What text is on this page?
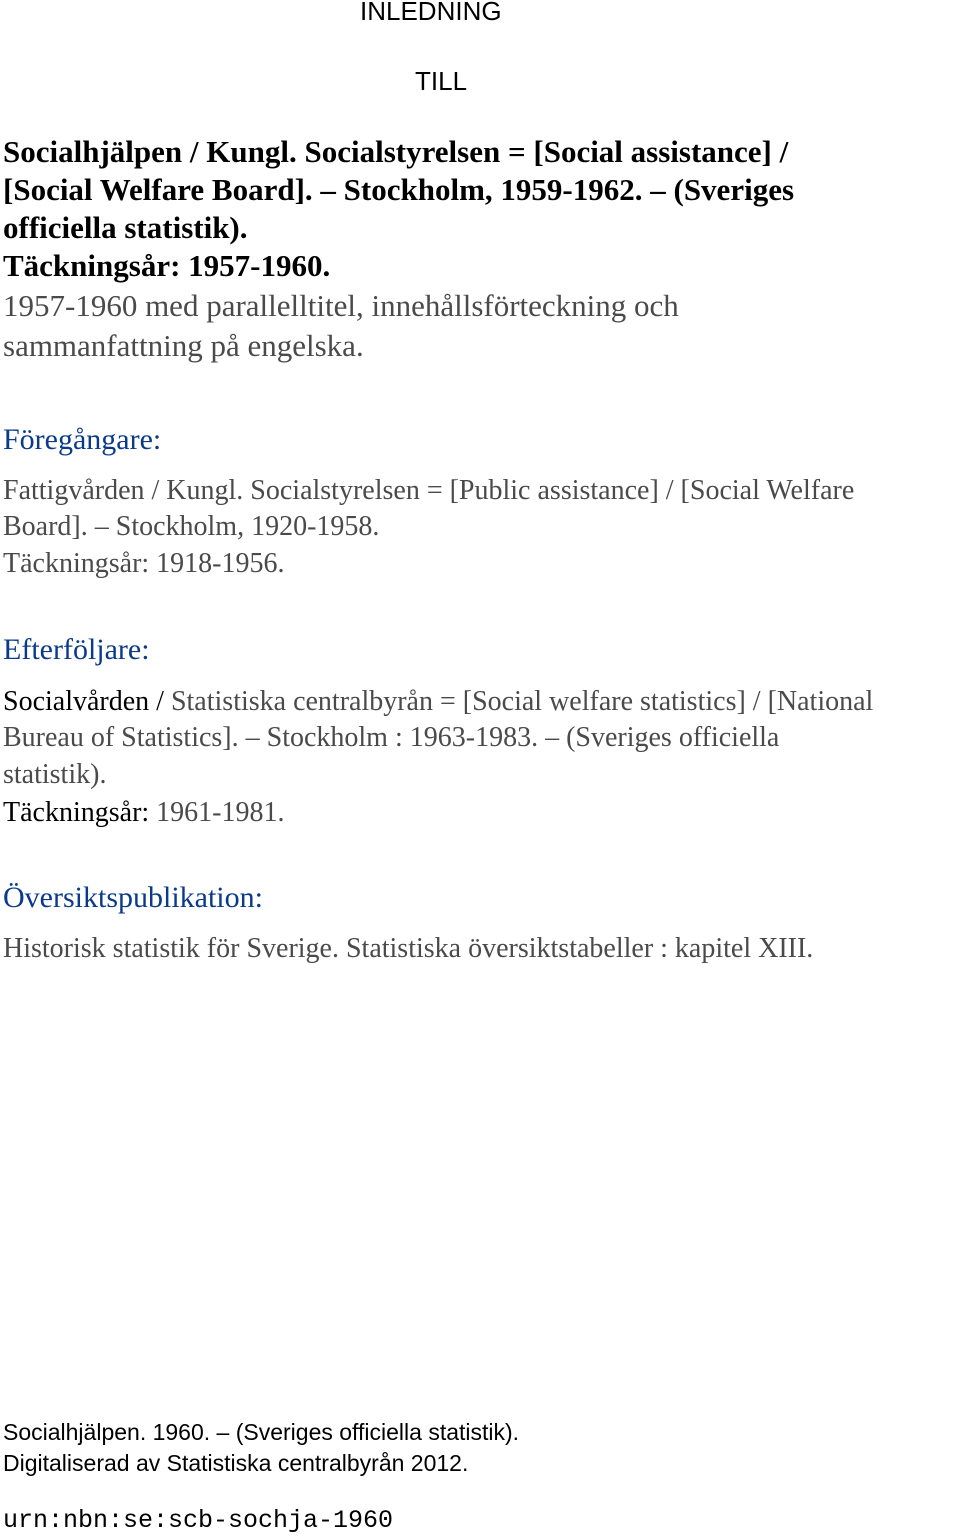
INLEDNING
TILL
Socialhjälpen / Kungl. Socialstyrelsen = [Social assistance] /
[Social Welfare Board]. – Stockholm, 1959-1962. – (Sveriges
officiella statistik).
Täckningsår: 1957-1960.
1957-1960 med parallelltitel, innehållsförteckning och
sammanfattning på engelska.
Föregångare:
Fattigvården / Kungl. Socialstyrelsen = [Public assistance] / [Social Welfare
Board]. – Stockholm, 1920-1958.
Täckningsår: 1918-1956.
Efterföljare:
Socialvården / Statistiska centralbyrån = [Social welfare statistics] / [National
Bureau of Statistics]. – Stockholm : 1963-1983. – (Sveriges officiella
statistik).
Täckningsår: 1961-1981.
Översiktspublikation:
Historisk statistik för Sverige. Statistiska översiktstabeller : kapitel XIII.
Socialhjälpen. 1960. – (Sveriges officiella statistik).
Digitaliserad av Statistiska centralbyrån 2012.
urn:nbn:se:scb-sochja-1960
